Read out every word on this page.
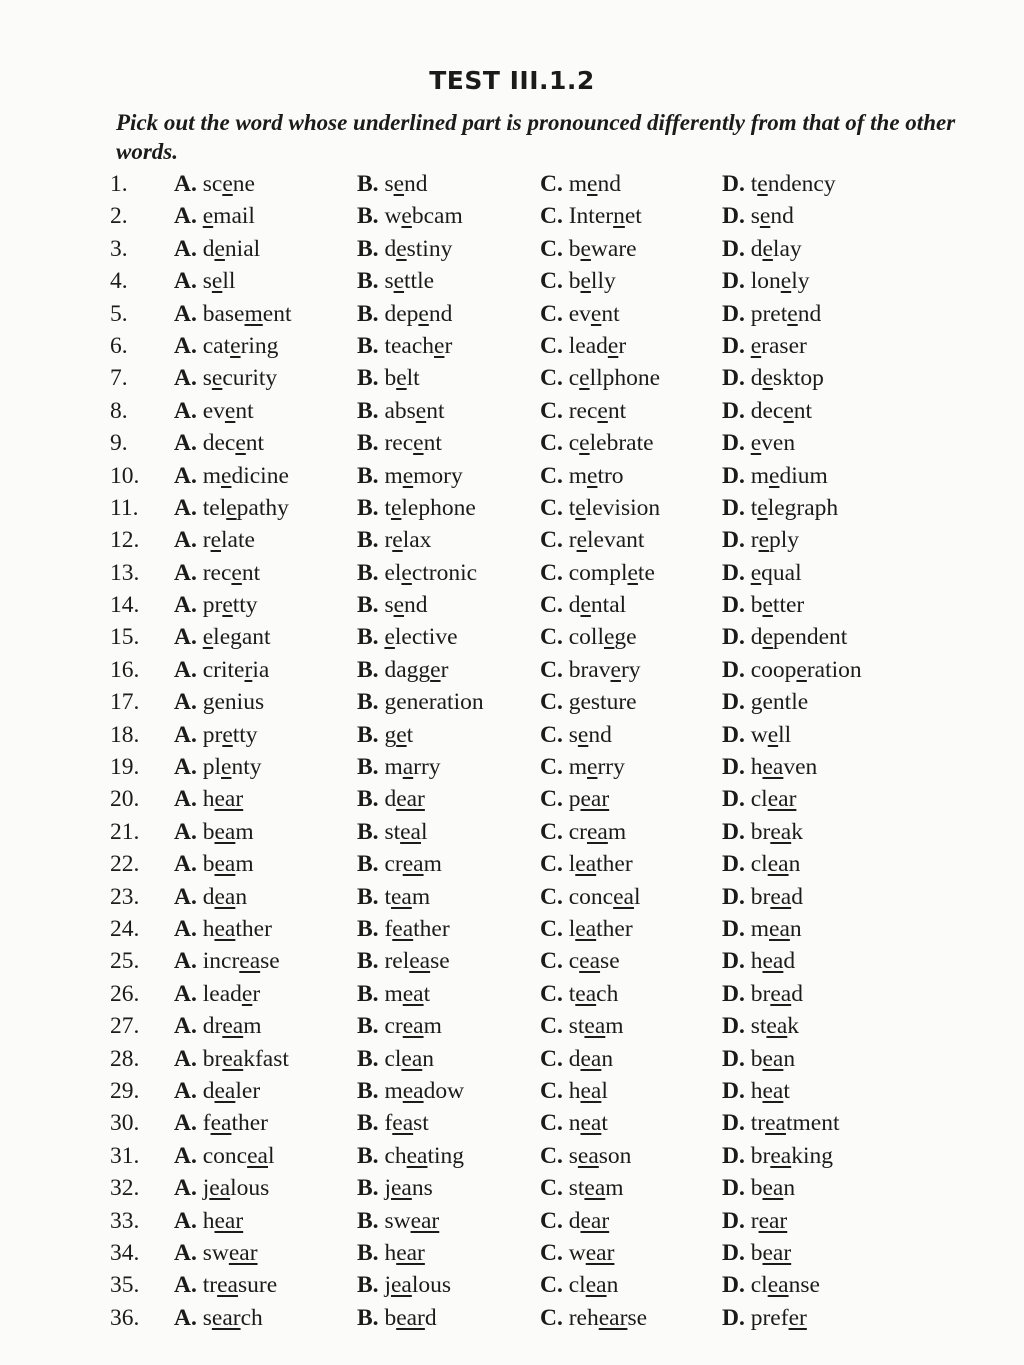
TEST III.1.2
Pick out the word whose underlined part is pronounced differently from that of the other words.
1.	A. scene	B. send	C. mend	D. tendency
2.	A. email	B. webcam	C. Internet	D. send
3.	A. denial	B. destiny	C. beware	D. delay
4.	A. sell	B. settle	C. belly	D. lonely
5.	A. basement	B. depend	C. event	D. pretend
6.	A. catering	B. teacher	C. leader	D. eraser
7.	A. security	B. belt	C. cellphone	D. desktop
8.	A. event	B. absent	C. recent	D. decent
9.	A. decent	B. recent	C. celebrate	D. even
10.	A. medicine	B. memory	C. metro	D. medium
11.	A. telepathy	B. telephone	C. television	D. telegraph
12.	A. relate	B. relax	C. relevant	D. reply
13.	A. recent	B. electronic	C. complete	D. equal
14.	A. pretty	B. send	C. dental	D. better
15.	A. elegant	B. elective	C. college	D. dependent
16.	A. criteria	B. dagger	C. bravery	D. cooperation
17.	A. genius	B. generation C. gesture	D. gentle
18.	A. pretty	B. get	C. send	D. well
19.	A. plenty	B. marry	C. merry	D. heaven
20.	A. hear	B. dear	C. pear	D. clear
21.	A. beam	B. steal	C. cream	D. break
22.	A. beam	B. cream	C. leather	D. clean
23.	A. dean	B. team	C. conceal	D. bread
24.	A. heather	B. feather	C. leather	D. mean
25.	A. increase	B. release	C. cease	D. head
26.	A. leader	B. meat	C. teach	D. bread
27.	A. dream	B. cream	C. steam	D. steak
28.	A. breakfast	B. clean	C. dean	D. bean
29.	A. dealer	B. meadow	C. heal	D. heat
30.	A. feather	B. feast	C. neat	D. treatment
31.	A. conceal	B. cheating	C. season	D. breaking
32.	A. jealous	B. jeans	C. steam	D. bean
33.	A. hear	B. swear	C. dear	D. rear
34.	A. swear	B. hear	C. wear	D. bear
35.	A. treasure	B. jealous	C. clean	D. cleanse
36.	A. search	B. beard	C. rehearse	D. prefer
